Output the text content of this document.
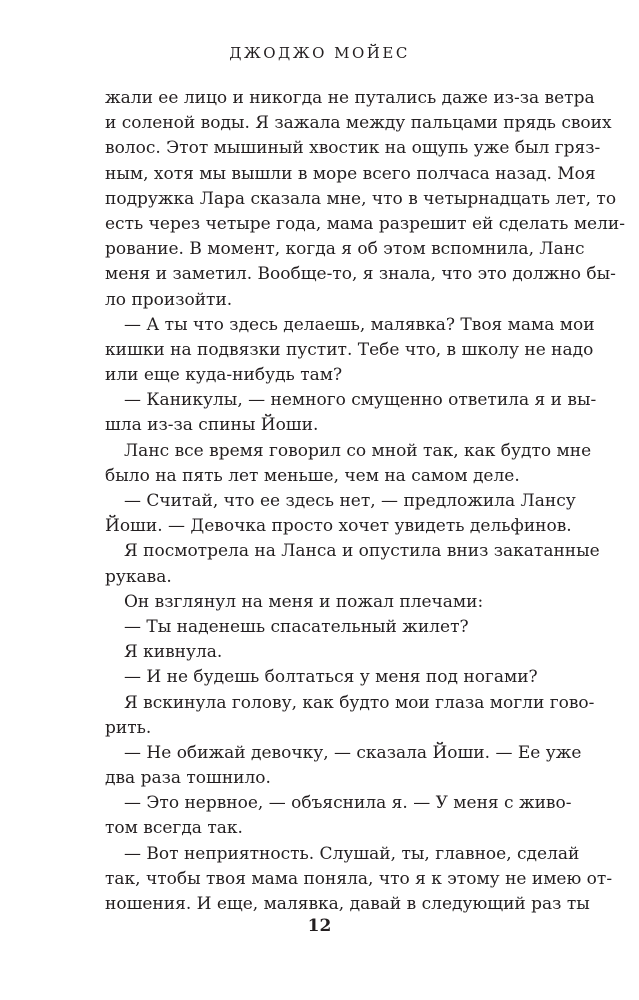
ДЖОДЖО МОЙЕС
жали ее лицо и никогда не путались даже из-за ветра
и соленой воды. Я зажала между пальцами прядь своих
волос. Этот мышиный хвостик на ощупь уже был гряз-
ным, хотя мы вышли в море всего полчаса назад. Моя
подружка Лара сказала мне, что в четырнадцать лет, то
есть через четыре года, мама разрешит ей сделать мели-
рование. В момент, когда я об этом вспомнила, Ланс
меня и заметил. Вообще-то, я знала, что это должно бы-
ло произойти.
— А ты что здесь делаешь, малявка? Твоя мама мои
кишки на подвязки пустит. Тебе что, в школу не надо
или еще куда-нибудь там?
— Каникулы, — немного смущенно ответила я и вы-
шла из-за спины Йоши.
Ланс все время говорил со мной так, как будто мне
было на пять лет меньше, чем на самом деле.
— Считай, что ее здесь нет, — предложила Лансу
Йоши. — Девочка просто хочет увидеть дельфинов.
Я посмотрела на Ланса и опустила вниз закатанные
рукава.
Он взглянул на меня и пожал плечами:
— Ты наденешь спасательный жилет?
Я кивнула.
— И не будешь болтаться у меня под ногами?
Я вскинула голову, как будто мои глаза могли гово-
рить.
— Не обижай девочку, — сказала Йоши. — Ее уже
два раза тошнило.
— Это нервное, — объяснила я. — У меня с живо-
том всегда так.
— Вот неприятность. Слушай, ты, главное, сделай
так, чтобы твоя мама поняла, что я к этому не имею от-
ношения. И еще, малявка, давай в следующий раз ты
12
